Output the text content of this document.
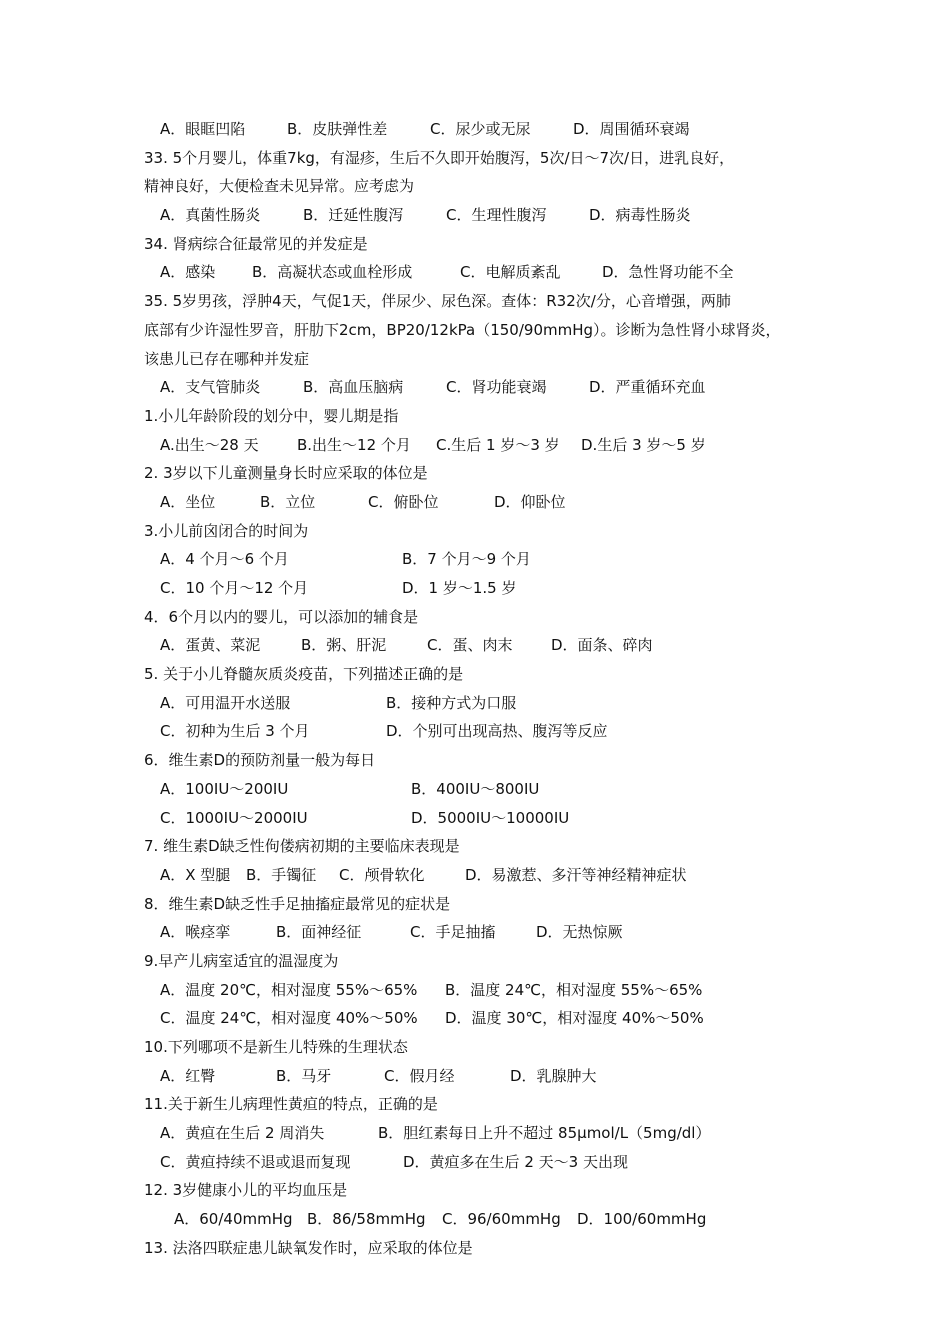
A．眼眶凹陷	B．皮肤弹性差	C．尿少或无尿	D．周围循环衰竭
33. 5个月婴儿，体重7kg，有湿疹，生后不久即开始腹泻，5次/日～7次/日，进乳良好，
精神良好，大便检查未见异常。应考虑为
A．真菌性肠炎	B．迁延性腹泻	C．生理性腹泻	D．病毒性肠炎
34. 肾病综合征最常见的并发症是
A．感染	B．高凝状态或血栓形成	C．电解质紊乱	D．急性肾功能不全
35. 5岁男孩，浮肿4天，气促1天，伴尿少、尿色深。查体：R32次/分，心音增强，两肺
底部有少许湿性罗音，肝肋下2cm，BP20/12kPa（150/90mmHg）。诊断为急性肾小球肾炎，
该患儿已存在哪种并发症
A．支气管肺炎	B．高血压脑病	C．肾功能衰竭	D．严重循环充血
1.小儿年龄阶段的划分中，婴儿期是指
A.出生～28 天	B.出生～12 个月	C.生后 1 岁～3 岁	D.生后 3 岁～5 岁
2. 3岁以下儿童测量身长时应采取的体位是
A．坐位	B．立位	C．俯卧位	D．仰卧位
3.小儿前囟闭合的时间为
A．4 个月～6 个月	B．7 个月～9 个月
C．10 个月～12 个月	D．1 岁～1.5 岁
4．6个月以内的婴儿，可以添加的辅食是
A．蛋黄、菜泥	B．粥、肝泥	C．蛋、肉末	D．面条、碎肉
5. 关于小儿脊髓灰质炎疫苗，下列描述正确的是
A．可用温开水送服	B．接种方式为口服
C．初种为生后 3 个月	D．个别可出现高热、腹泻等反应
6．维生素D的预防剂量一般为每日
A．100IU～200IU	B．400IU～800IU
C．1000IU～2000IU	D．5000IU～10000IU
7. 维生素D缺乏性佝偻病初期的主要临床表现是
A．X 型腿	B．手镯征	C．颅骨软化	D．易激惹、多汗等神经精神症状
8．维生素D缺乏性手足抽搐症最常见的症状是
A．喉痉挛	B．面神经征	C．手足抽搐	D．无热惊厥
9.早产儿病室适宜的温湿度为
A．温度 20℃，相对湿度 55%～65%	B．温度 24℃，相对湿度 55%～65%
C．温度 24℃，相对湿度 40%～50%	D．温度 30℃，相对湿度 40%～50%
10.下列哪项不是新生儿特殊的生理状态
A．红臀	B．马牙	C．假月经	D．乳腺肿大
11.关于新生儿病理性黄疸的特点，正确的是
A．黄疸在生后 2 周消失	B．胆红素每日上升不超过 85μmol/L（5mg/dl）
C．黄疸持续不退或退而复现	D．黄疸多在生后 2 天～3 天出现
12. 3岁健康小儿的平均血压是
A．60/40mmHg B．86/58mmHg	C．96/60mmHg	D．100/60mmHg
13. 法洛四联症患儿缺氧发作时，应采取的体位是
